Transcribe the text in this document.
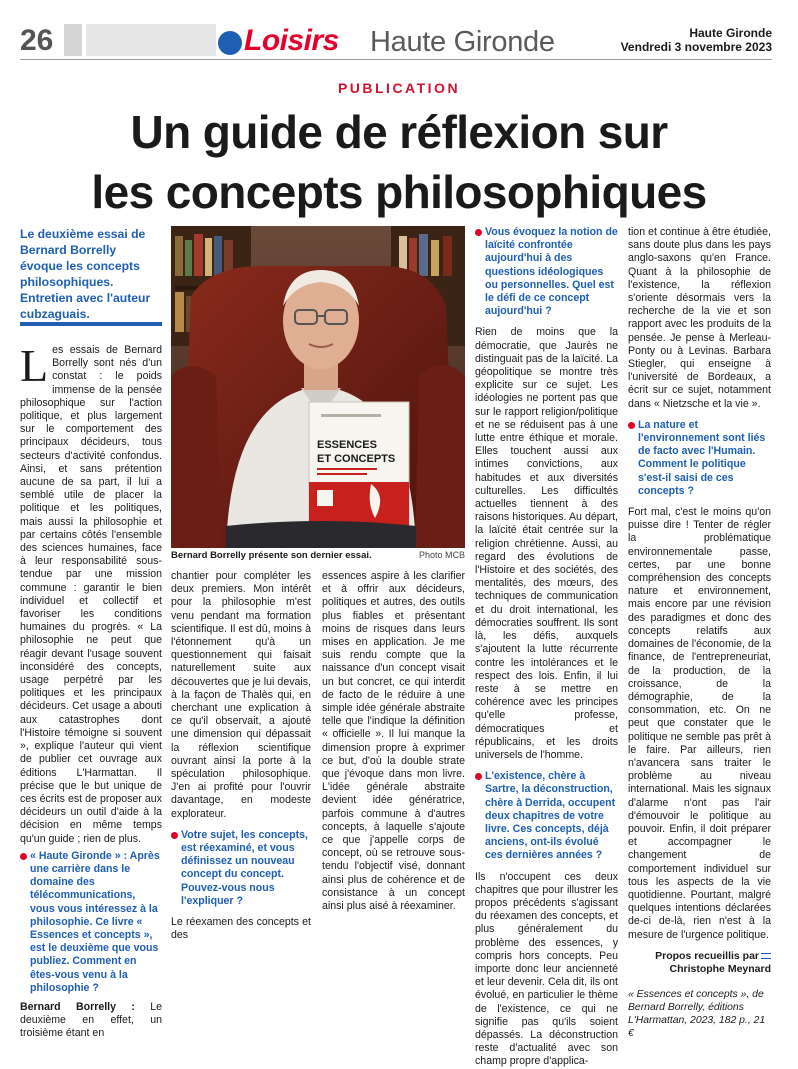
26	Loisirs Haute Gironde	Haute Gironde
Vendredi 3 novembre 2023
PUBLICATION
Un guide de réflexion sur
les concepts philosophiques
Le deuxième essai de Bernard Borrelly évoque les concepts philosophiques. Entretien avec l'auteur cubzaguais.
ESSENCES
ET CONCEPTS
Bernard Borrelly présente son dernier essai.	Photo MCB

Les essais de Bernard Borrelly sont nés d'un constat : le poids immense de la pensée philosophique sur l'action politique, et plus largement sur le comportement des principaux décideurs, tous secteurs d'activité confondus. Ainsi, et sans prétention aucune de sa part, il lui a semblé utile de placer la politique et les politiques, mais aussi la philosophie et par certains côtés l'ensemble des sciences humaines, face à leur responsabilité sous-tendue par une mission commune : garantir le bien individuel et collectif et favoriser les conditions humaines du progrès. « La philosophie ne peut que réagir devant l'usage souvent inconsidéré des concepts, usage perpétré par les politiques et les principaux décideurs. Cet usage a abouti aux catastrophes dont l'Histoire témoigne si souvent », explique l'auteur qui vient de publier cet ouvrage aux éditions L'Harmattan. Il précise que le but unique de ces écrits est de proposer aux décideurs un outil d'aide à la décision en même temps qu'un guide ; rien de plus.

« Haute Gironde » : Après une carrière dans le domaine des télécommunications, vous vous intéressez à la philosophie. Ce livre « Essences et concepts », est le deuxième que vous publiez. Comment en êtes-vous venu à la philosophie ?

Bernard Borrelly : Le deuxième en effet, un troisième étant en

chantier pour compléter les deux premiers. Mon intérêt pour la philosophie m'est venu pendant ma formation scientifique. Il est dû, moins à l'étonnement qu'à un questionnement qui faisait naturellement suite aux découvertes que je lui devais, à la façon de Thalès qui, en cherchant une explication à ce qu'il observait, a ajouté une dimension qui dépassait la réflexion scientifique ouvrant ainsi la porte à la spéculation philosophique. J'en ai profité pour l'ouvrir davantage, en modeste explorateur.

Votre sujet, les concepts, est réexaminé, et vous définissez un nouveau concept du concept. Pouvez-vous nous l'expliquer ?

Le réexamen des concepts et des

essences aspire à les clarifier et à offrir aux décideurs, politiques et autres, des outils plus fiables et présentant moins de risques dans leurs mises en application. Je me suis rendu compte que la naissance d'un concept visait un but concret, ce qui interdit de facto de le réduire à une simple idée générale abstraite telle que l'indique la définition « officielle ». Il lui manque la dimension propre à exprimer ce but, d'où la double strate que j'évoque dans mon livre. L'idée générale abstraite devient idée génératrice, parfois commune à d'autres concepts, à laquelle s'ajoute ce que j'appelle corps de concept, où se retrouve sous-tendu l'objectif visé, donnant ainsi plus de cohérence et de consistance à un concept ainsi plus aisé à réexaminer.

Vous évoquez la notion de laïcité confrontée aujourd'hui à des questions idéologiques ou personnelles. Quel est le défi de ce concept aujourd'hui ?

Rien de moins que la démocratie, que Jaurès ne distinguait pas de la laïcité. La géopolitique se montre très explicite sur ce sujet. Les idéologies ne portent pas que sur le rapport religion/politique et ne se réduisent pas à une lutte entre éthique et morale. Elles touchent aussi aux intimes convictions, aux habitudes et aux diversités culturelles. Les difficultés actuelles tiennent à des raisons historiques. Au départ, la laïcité était centrée sur la religion chrétienne. Aussi, au regard des évolutions de l'Histoire et des sociétés, des mentalités, des mœurs, des techniques de communication et du droit international, les démocraties souffrent. Ils sont là, les défis, auxquels s'ajoutent la lutte récurrente contre les intolérances et le respect des lois. Enfin, il lui reste à se mettre en cohérence avec les principes qu'elle professe, démocratiques et républicains, et les droits universels de l'homme.

L'existence, chère à Sartre, la déconstruction, chère à Derrida, occupent deux chapitres de votre livre. Ces concepts, déjà anciens, ont-ils évolué ces dernières années ?

Ils n'occupent ces deux chapitres que pour illustrer les propos précédents s'agissant du réexamen des concepts, et plus généralement du problème des essences, y compris hors concepts. Peu importe donc leur ancienneté et leur devenir. Cela dit, ils ont évolué, en particulier le thème de l'existence, ce qui ne signifie pas qu'ils soient dépassés. La déconstruction reste d'actualité avec son champ propre d'applica-

tion et continue à être étudiée, sans doute plus dans les pays anglo-saxons qu'en France. Quant à la philosophie de l'existence, la réflexion s'oriente désormais vers la recherche de la vie et son rapport avec les produits de la pensée. Je pense à Merleau-Ponty ou à Levinas. Barbara Stiegler, qui enseigne à l'université de Bordeaux, a écrit sur ce sujet, notamment dans « Nietzsche et la vie ».

La nature et l'environnement sont liés de facto avec l'Humain. Comment le politique s'est-il saisi de ces concepts ?

Fort mal, c'est le moins qu'on puisse dire ! Tenter de régler la problématique environnementale passe, certes, par une bonne compréhension des concepts nature et environnement, mais encore par une révision des paradigmes et donc des concepts relatifs aux domaines de l'économie, de la finance, de l'entrepreneuriat, de la production, de la croissance, de la démographie, de la consommation, etc. On ne peut que constater que le politique ne semble pas prêt à le faire. Par ailleurs, rien n'avancera sans traiter le problème au niveau international. Mais les signaux d'alarme n'ont pas l'air d'émouvoir le politique au pouvoir. Enfin, il doit préparer et accompagner le changement de comportement individuel sur tous les aspects de la vie quotidienne. Pourtant, malgré quelques intentions déclarées de-ci de-là, rien n'est à la mesure de l'urgence politique.

Propos recueillis par
Christophe Meynard

« Essences et concepts », de Bernard Borrelly, éditions L'Harmattan, 2023, 182 p., 21 €
